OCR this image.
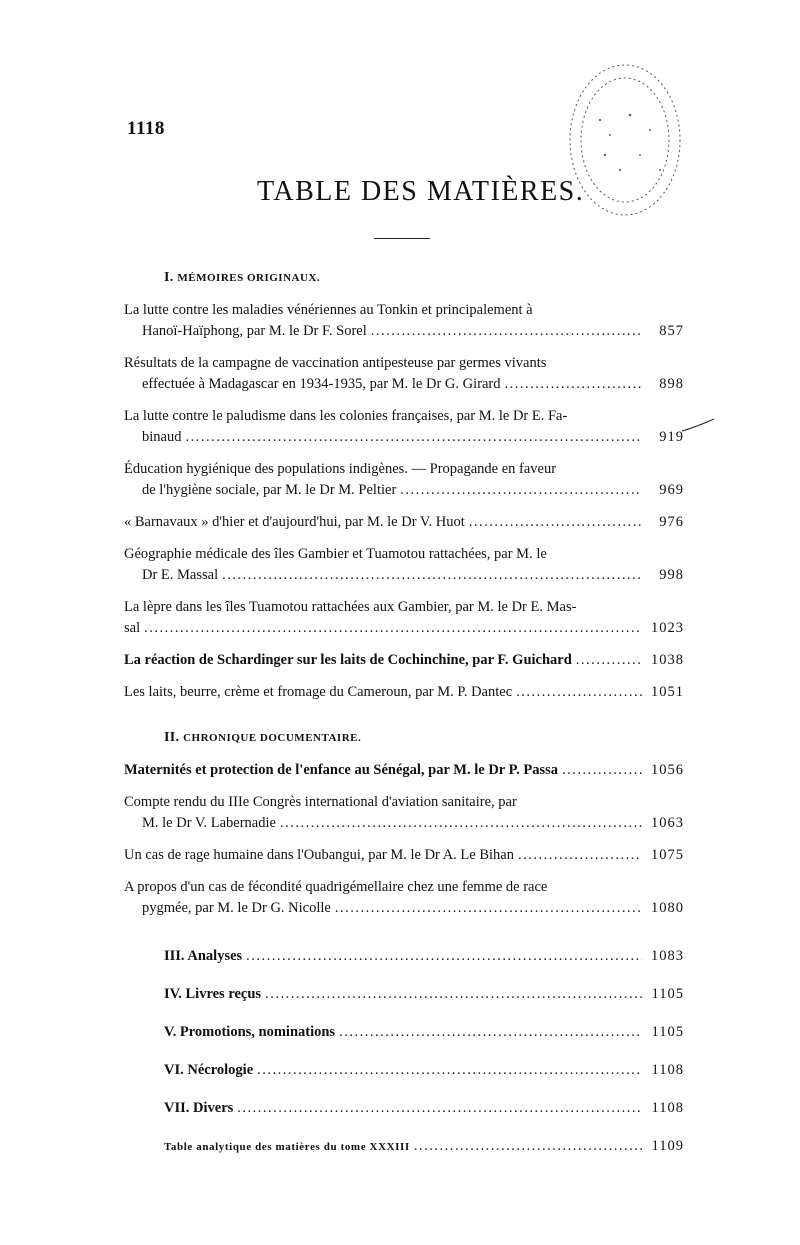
1118
TABLE DES MATIÈRES.
I. MÉMOIRES ORIGINAUX.
La lutte contre les maladies vénériennes au Tonkin et principalement à
Hanoï-Haïphong, par M. le Dr F. Sorel .....	857
Résultats de la campagne de vaccination antipesteuse par germes vivants
effectuée à Madagascar en 1934-1935, par M. le Dr G. Girard .....	898
La lutte contre le paludisme dans les colonies françaises, par M. le Dr E. Fa-
binaud .....	919
Éducation hygiénique des populations indigènes. — Propagande en faveur
de l'hygiène sociale, par M. le Dr M. Peltier .....	969
« Barnavaux » d'hier et d'aujourd'hui, par M. le Dr V. Huot .....	976
Géographie médicale des îles Gambier et Tuamotou rattachées, par M. le
Dr E. Massal .....	998
La lèpre dans les îles Tuamotou rattachées aux Gambier, par M. le Dr E. Mas-
sal .....	1023
La réaction de Schardinger sur les laits de Cochinchine, par F. Guichard .....	1038
Les laits, beurre, crème et fromage du Cameroun, par M. P. Dantec .....	1051
II. CHRONIQUE DOCUMENTAIRE.
Maternités et protection de l'enfance au Sénégal, par M. le Dr P. Passa .....	1056
Compte rendu du IIIe Congrès international d'aviation sanitaire, par
M. le Dr V. Labernadie .....	1063
Un cas de rage humaine dans l'Oubangui, par M. le Dr A. Le Bihan .....	1075
A propos d'un cas de fécondité quadrigémellaire chez une femme de race
pygmée, par M. le Dr G. Nicolle .....	1080
III. Analyses .....	1083
IV. Livres reçus .....	1105
V. Promotions, nominations .....	1105
VI. Nécrologie .....	1108
VII. Divers .....	1108
Table analytique des matières du tome XXXIII .....	1109
